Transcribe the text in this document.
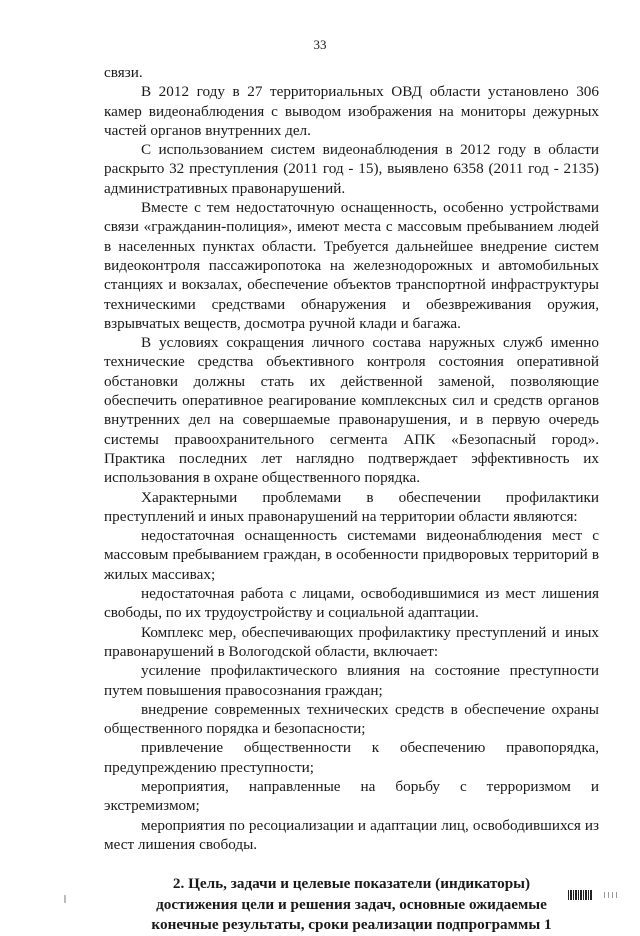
33

связи.

В 2012 году в 27 территориальных ОВД области установлено 306 камер видеонаблюдения с выводом изображения на мониторы дежурных частей органов внутренних дел.

С использованием систем видеонаблюдения в 2012 году в области раскрыто 32 преступления (2011 год - 15), выявлено 6358 (2011 год - 2135) административных правонарушений.

Вместе с тем недостаточную оснащенность, особенно устройствами связи «гражданин-полиция», имеют места с массовым пребыванием людей в населенных пунктах области. Требуется дальнейшее внедрение систем видеоконтроля пассажиропотока на железнодорожных и автомобильных станциях и вокзалах, обеспечение объектов транспортной инфраструктуры техническими средствами обнаружения и обезвреживания оружия, взрывчатых веществ, досмотра ручной клади и багажа.

В условиях сокращения личного состава наружных служб именно технические средства объективного контроля состояния оперативной обстановки должны стать их действенной заменой, позволяющие обеспечить оперативное реагирование комплексных сил и средств органов внутренних дел на совершаемые правонарушения, и в первую очередь системы правоохранительного сегмента АПК «Безопасный город». Практика последних лет наглядно подтверждает эффективность их использования в охране общественного порядка.

Характерными проблемами в обеспечении профилактики преступлений и иных правонарушений на территории области являются:

недостаточная оснащенность системами видеонаблюдения мест с массовым пребыванием граждан, в особенности придворовых территорий в жилых массивах;

недостаточная работа с лицами, освободившимися из мест лишения свободы, по их трудоустройству и социальной адаптации.

Комплекс мер, обеспечивающих профилактику преступлений и иных правонарушений в Вологодской области, включает:

усиление профилактического влияния на состояние преступности путем повышения правосознания граждан;

внедрение современных технических средств в обеспечение охраны общественного порядка и безопасности;

привлечение общественности к обеспечению правопорядка, предупреждению преступности;

мероприятия, направленные на борьбу с терроризмом и экстремизмом;

мероприятия по ресоциализации и адаптации лиц, освободившихся из мест лишения свободы.

2. Цель, задачи и целевые показатели (индикаторы)
достижения цели и решения задач, основные ожидаемые
конечные результаты, сроки реализации подпрограммы 1
